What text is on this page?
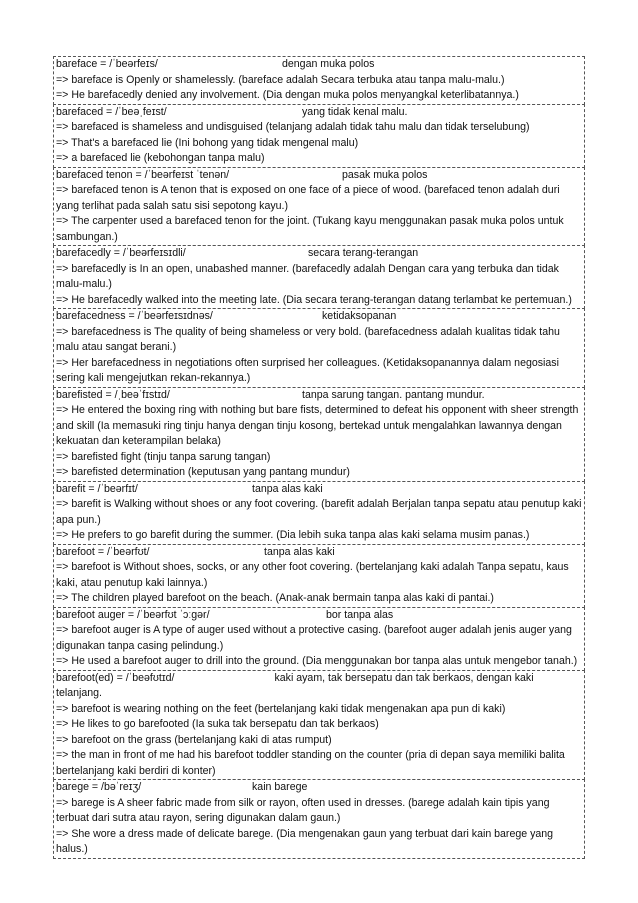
bareface = /ˈbeərfeɪs/	dengan muka polos
=> bareface is Openly or shamelessly. (bareface adalah Secara terbuka atau tanpa malu-malu.)
=> He barefacedly denied any involvement. (Dia dengan muka polos menyangkal keterlibatannya.)
barefaced = /ˈbeəˌfeɪst/	yang tidak kenal malu.
=> barefaced is shameless and undisguised (telanjang adalah tidak tahu malu dan tidak terselubung)
=> That's a barefaced lie (Ini bohong yang tidak mengenal malu)
=> a barefaced lie (kebohongan tanpa malu)
barefaced tenon = /ˈbeərfeɪst ˈtenən/	pasak muka polos
=> barefaced tenon is A tenon that is exposed on one face of a piece of wood. (barefaced tenon adalah duri yang terlihat pada salah satu sisi sepotong kayu.)
=> The carpenter used a barefaced tenon for the joint. (Tukang kayu menggunakan pasak muka polos untuk sambungan.)
barefacedly = /ˈbeərfeɪsɪdli/	secara terang-terangan
=> barefacedly is In an open, unabashed manner. (barefacedly adalah Dengan cara yang terbuka dan tidak malu-malu.)
=> He barefacedly walked into the meeting late. (Dia secara terang-terangan datang terlambat ke pertemuan.)
barefacedness = /ˈbeərfeɪsɪdnəs/	ketidaksopanan
=> barefacedness is The quality of being shameless or very bold. (barefacedness adalah kualitas tidak tahu malu atau sangat berani.)
=> Her barefacedness in negotiations often surprised her colleagues. (Ketidaksopanannya dalam negosiasi sering kali mengejutkan rekan-rekannya.)
barefisted = /ˌbeəˈfɪstɪd/	tanpa sarung tangan. pantang mundur.
=> He entered the boxing ring with nothing but bare fists, determined to defeat his opponent with sheer strength and skill (Ia memasuki ring tinju hanya dengan tinju kosong, bertekad untuk mengalahkan lawannya dengan kekuatan dan keterampilan belaka)
=> barefisted fight (tinju tanpa sarung tangan)
=> barefisted determination (keputusan yang pantang mundur)
barefit = /ˈbeərfɪt/	tanpa alas kaki
=> barefit is Walking without shoes or any foot covering. (barefit adalah Berjalan tanpa sepatu atau penutup kaki apa pun.)
=> He prefers to go barefit during the summer. (Dia lebih suka tanpa alas kaki selama musim panas.)
barefoot = /ˈbeərfʊt/	tanpa alas kaki
=> barefoot is Without shoes, socks, or any other foot covering. (bertelanjang kaki adalah Tanpa sepatu, kaus kaki, atau penutup kaki lainnya.)
=> The children played barefoot on the beach. (Anak-anak bermain tanpa alas kaki di pantai.)
barefoot auger = /ˈbeərfʊt ˈɔːɡər/	bor tanpa alas
=> barefoot auger is A type of auger used without a protective casing. (barefoot auger adalah jenis auger yang digunakan tanpa casing pelindung.)
=> He used a barefoot auger to drill into the ground. (Dia menggunakan bor tanpa alas untuk mengebor tanah.)
barefoot(ed) = /ˈbeəfʊtɪd/	kaki ayam, tak bersepatu dan tak berkaos, dengan kaki telanjang.
=> barefoot is wearing nothing on the feet (bertelanjang kaki tidak mengenakan apa pun di kaki)
=> He likes to go barefooted (Ia suka tak bersepatu dan tak berkaos)
=> barefoot on the grass (bertelanjang kaki di atas rumput)
=> the man in front of me had his barefoot toddler standing on the counter (pria di depan saya memiliki balita bertelanjang kaki berdiri di konter)
barege = /bəˈreɪʒ/	kain barege
=> barege is A sheer fabric made from silk or rayon, often used in dresses. (barege adalah kain tipis yang terbuat dari sutra atau rayon, sering digunakan dalam gaun.)
=> She wore a dress made of delicate barege. (Dia mengenakan gaun yang terbuat dari kain barege yang halus.)
